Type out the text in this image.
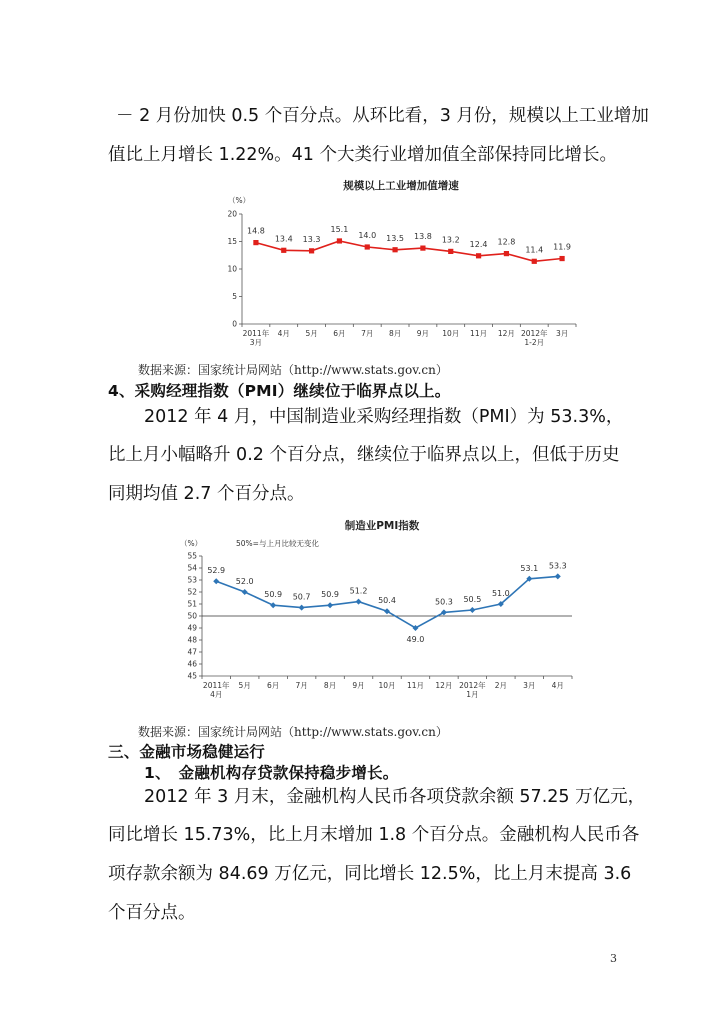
－ 2 月份加快 0.5 个百分点。从环比看，3 月份，规模以上工业增加
值比上月增长 1.22%。41 个大类行业增加值全部保持同比增长。
规模以上工业增加值增速
（%）
0
5
10
15
20
2011年
3月
4月 5月 6月 7月 8月 9月 10月 11月 12月 2012年
1-2月
3月
14.8
13.4 13.3
15.1
14.0 13.5 13.8 13.2 12.4 12.8
11.4 11.9
数据来源：国家统计局网站（http://www.stats.gov.cn）
4、采购经理指数（PMI）继续位于临界点以上。
2012 年 4 月，中国制造业采购经理指数（PMI）为 53.3%，
比上月小幅略升 0.2 个百分点，继续位于临界点以上，但低于历史
同期均值 2.7 个百分点。
制造业PMI指数
（%）	50%=与上月比较无变化
45
46
47
48
49
50
51
52
53
54
55
2011年
4月
5月 6月 7月 8月 9月 10月 11月 12月 2012年
1月
2月 3月 4月
52.9
52.0
50.9 50.7 50.9 51.2
50.4
49.0
50.3 50.5
51.0
53.1 53.3
数据来源：国家统计局网站（http://www.stats.gov.cn）
三、金融市场稳健运行
1、　金融机构存贷款保持稳步增长。
2012 年 3 月末，金融机构人民币各项贷款余额 57.25 万亿元，
同比增长 15.73%，比上月末增加 1.8 个百分点。金融机构人民币各
项存款余额为 84.69 万亿元，同比增长 12.5%，比上月末提高 3.6
个百分点。
3
